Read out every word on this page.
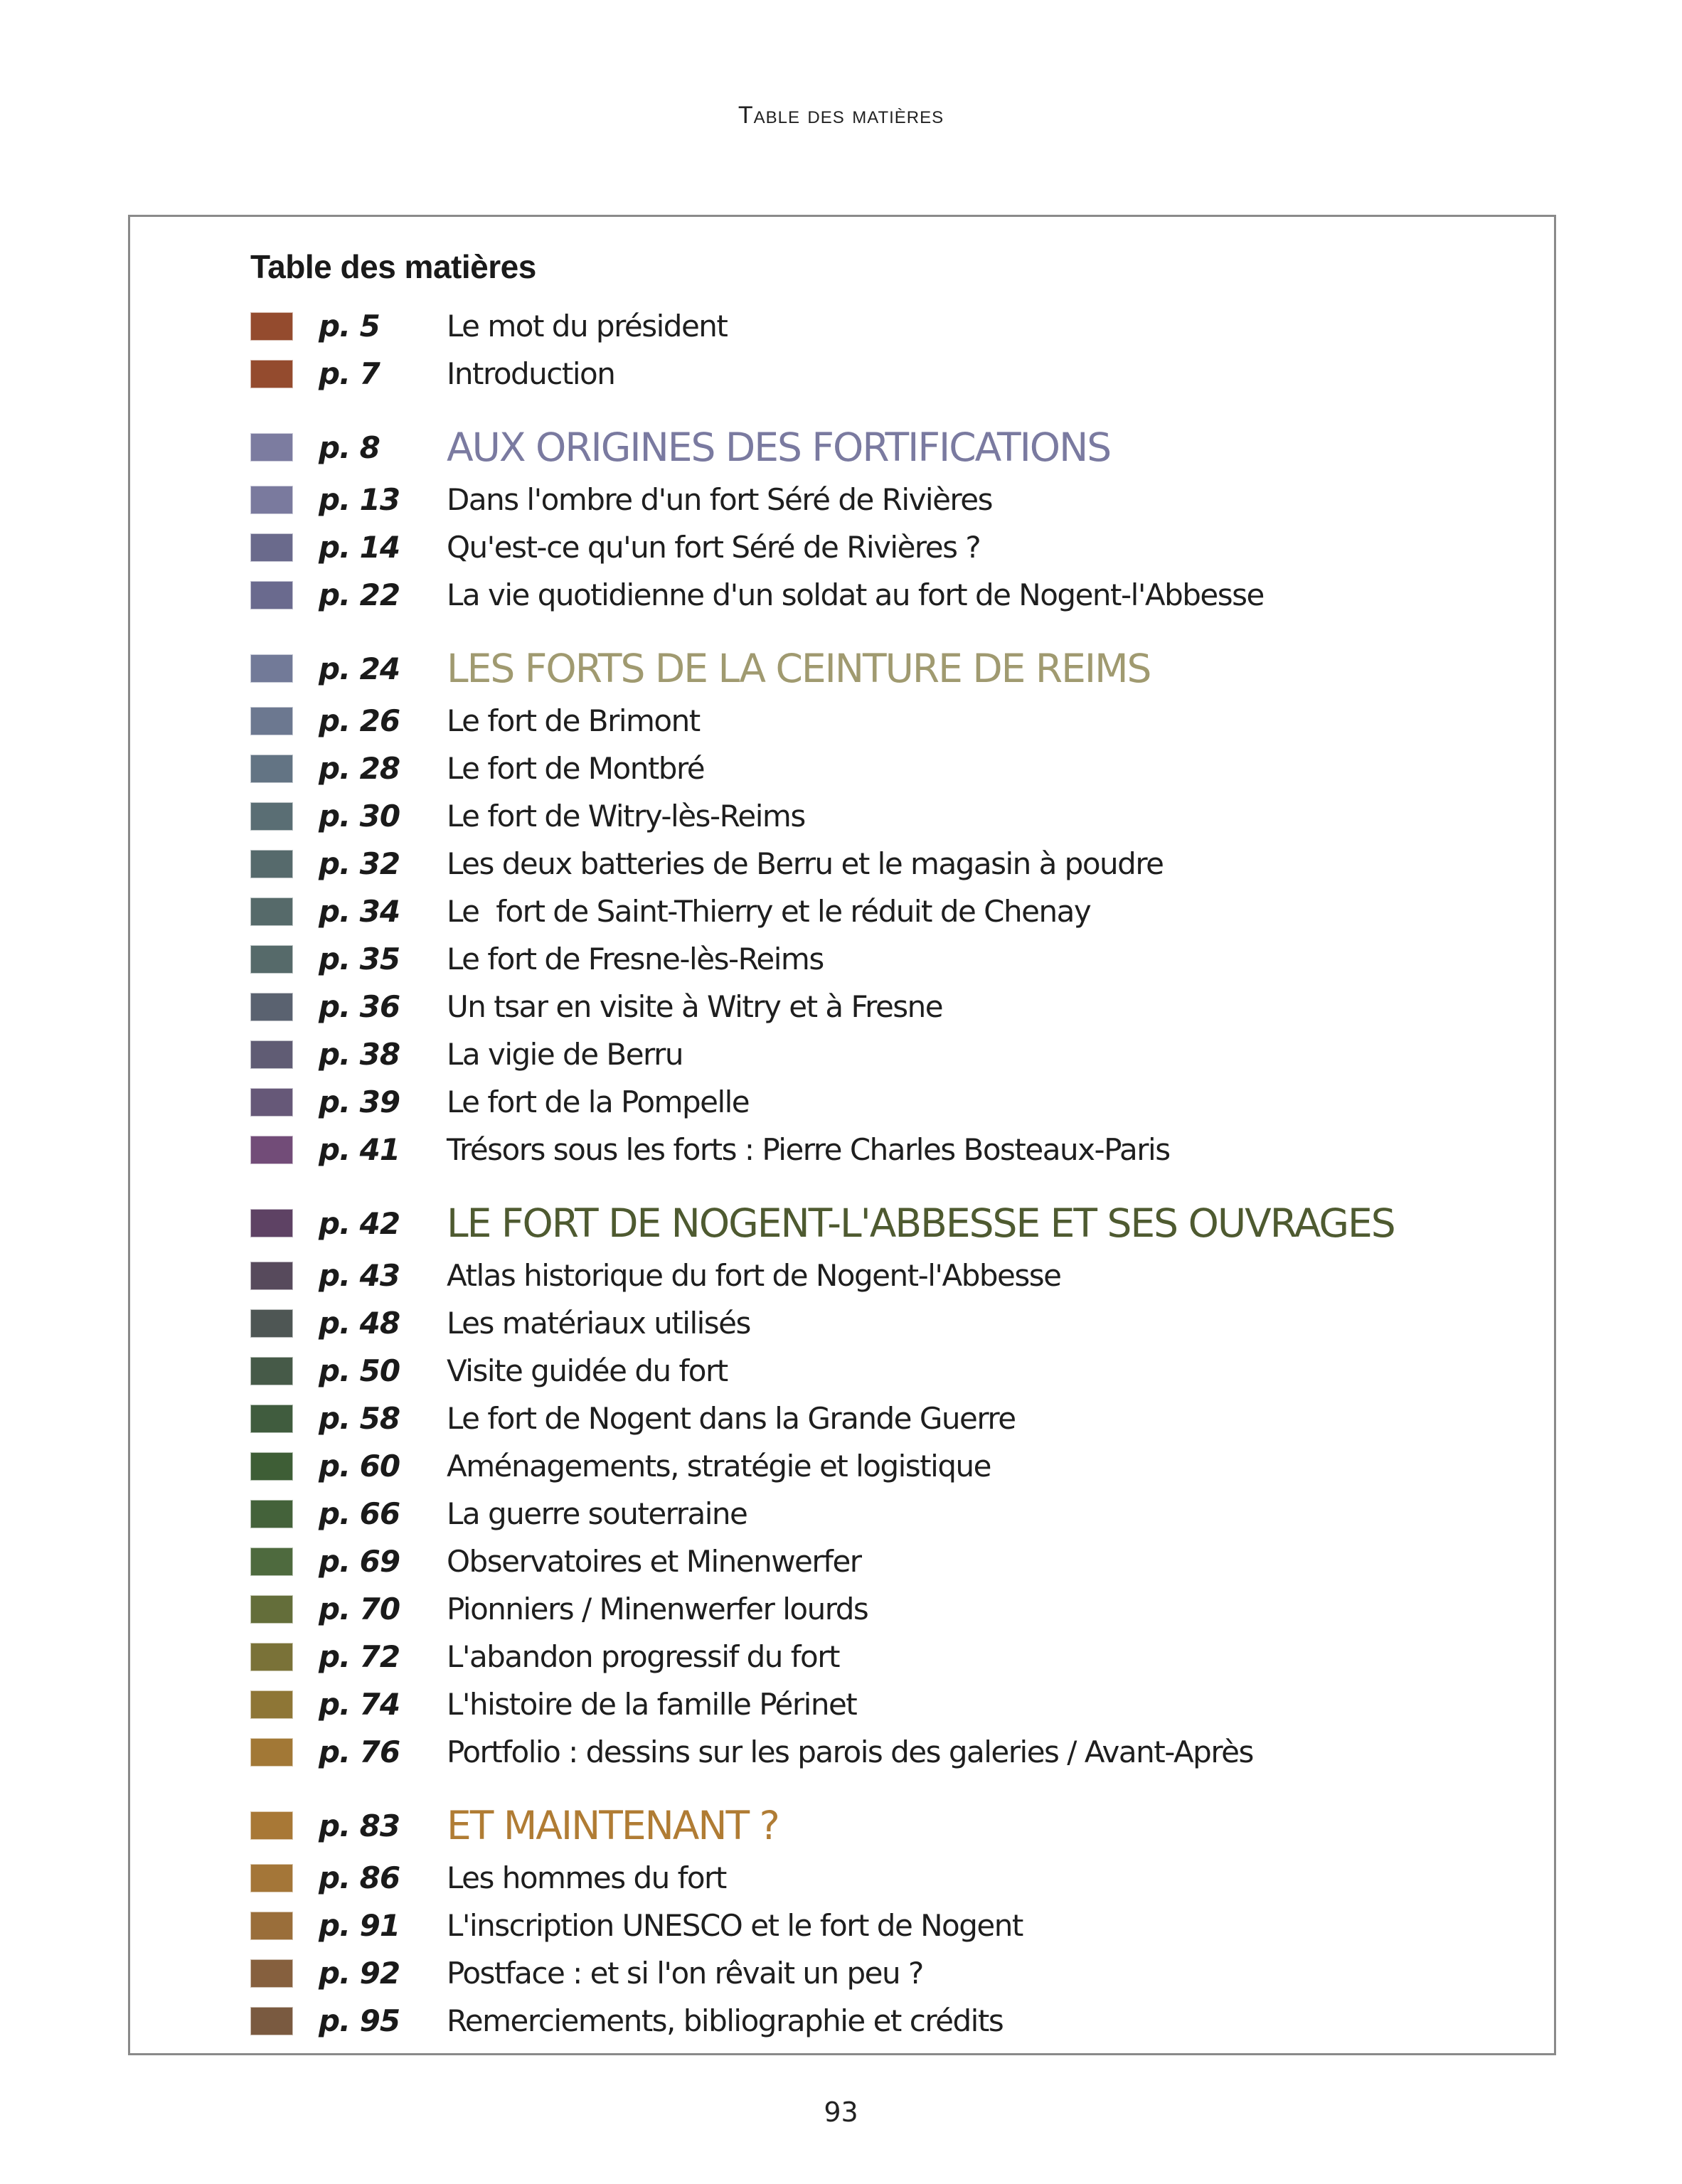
Table des matières
Table des matières
p. 5	Le mot du président
p. 7	Introduction
p. 8	AUX ORIGINES DES FORTIFICATIONS
p. 13	Dans l'ombre d'un fort Séré de Rivières
p. 14	Qu'est-ce qu'un fort Séré de Rivières ?
p. 22	La vie quotidienne d'un soldat au fort de Nogent-l'Abbesse
p. 24	LES FORTS DE LA CEINTURE DE REIMS
p. 26	Le fort de Brimont
p. 28	Le fort de Montbré
p. 30	Le fort de Witry-lès-Reims
p. 32	Les deux batteries de Berru et le magasin à poudre
p. 34	Le  fort de Saint-Thierry et le réduit de Chenay
p. 35	Le fort de Fresne-lès-Reims
p. 36	Un tsar en visite à Witry et à Fresne
p. 38	La vigie de Berru
p. 39	Le fort de la Pompelle
p. 41	Trésors sous les forts : Pierre Charles Bosteaux-Paris
p. 42	LE FORT DE NOGENT-L'ABBESSE ET SES OUVRAGES
p. 43	Atlas historique du fort de Nogent-l'Abbesse
p. 48	Les matériaux utilisés
p. 50	Visite guidée du fort
p. 58	Le fort de Nogent dans la Grande Guerre
p. 60	Aménagements, stratégie et logistique
p. 66	La guerre souterraine
p. 69	Observatoires et Minenwerfer
p. 70	Pionniers / Minenwerfer lourds
p. 72	L'abandon progressif du fort
p. 74	L'histoire de la famille Périnet
p. 76	Portfolio : dessins sur les parois des galeries / Avant-Après
p. 83	ET MAINTENANT ?
p. 86	Les hommes du fort
p. 91	L'inscription UNESCO et le fort de Nogent
p. 92	Postface : et si l'on rêvait un peu ?
p. 95	Remerciements, bibliographie et crédits
93
